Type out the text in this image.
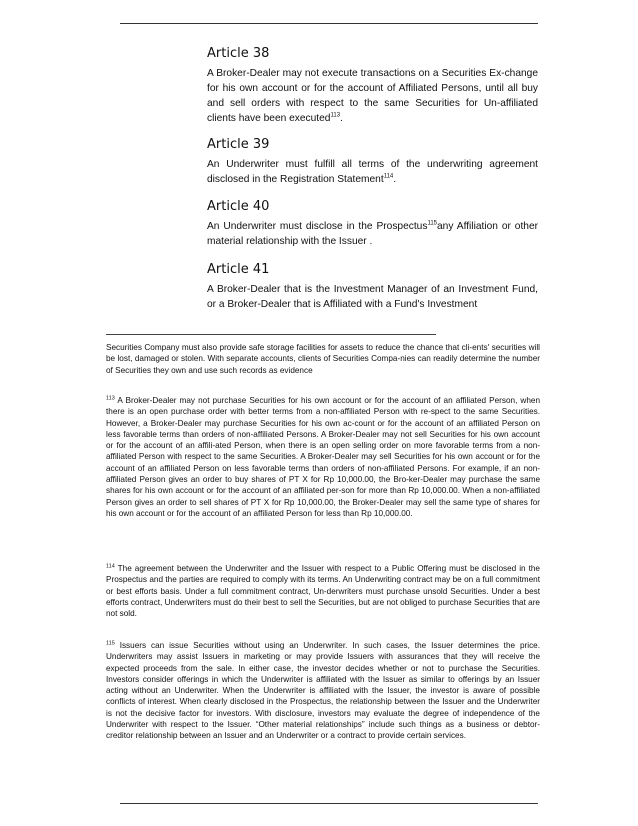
Article 38

A Broker-Dealer may not execute transactions on a Securities Ex-change for his own account or for the account of Affiliated Persons, until all buy and sell orders with respect to the same Securities for Un-affiliated clients have been executed$^{113}$.

Article 39

An Underwriter must fulfill all terms of the underwriting agreement disclosed in the Registration Statement$^{114}$.

Article 40

An Underwriter must disclose in the Prospectus$^{115}$any Affiliation or other material relationship with the Issuer .

Article 41

A Broker-Dealer that is the Investment Manager of an Investment Fund, or a Broker-Dealer that is Affiliated with a Fund's Investment

Securities Company must also provide safe storage facilities for assets to reduce the chance that cli-ents' securities will be lost, damaged or stolen. With separate accounts, clients of Securities Compa-nies can readily determine the number of Securities they own and use such records as evidence

$^{113}$ A Broker-Dealer may not purchase Securities for his own account or for the account of an affiliated Person, when there is an open purchase order with better terms from a non-affiliated Person with re-spect to the same Securities. However, a Broker-Dealer may purchase Securities for his own ac-count or for the account of an affiliated Person on less favorable terms than orders of non-affiliated Persons. A Broker-Dealer may not sell Securities for his own account or for the account of an affili-ated Person, when there is an open selling order on more favorable terms from a non-affiliated Person with respect to the same Securities. A Broker-Dealer may sell Securities for his own account or for the account of an affiliated Person on less favorable terms than orders of non-affiliated Persons. For example, if an non-affiliated Person gives an order to buy shares of PT X for Rp 10,000.00, the Bro-ker-Dealer may purchase the same shares for his own account or for the account of an affiliated per-son for more than Rp 10,000.00. When a non-affiliated Person gives an order to sell shares of PT X for Rp 10,000.00, the Broker-Dealer may sell the same type of shares for his own account or for the account of an affiliated Person for less than Rp 10,000.00.

$^{114}$ The agreement between the Underwriter and the Issuer with respect to a Public Offering must be disclosed in the Prospectus and the parties are required to comply with its terms. An Underwriting contract may be on a full commitment or best efforts basis. Under a full commitment contract, Un-derwriters must purchase unsold Securities. Under a best efforts contract, Underwriters must do their best to sell the Securities, but are not obliged to purchase Securities that are not sold.

$^{115}$ Issuers can issue Securities without using an Underwriter. In such cases, the Issuer determines the price. Underwriters may assist Issuers in marketing or may provide Issuers with assurances that they will receive the expected proceeds from the sale. In either case, the investor decides whether or not to purchase the Securities. Investors consider offerings in which the Underwriter is affiliated with the Issuer as similar to offerings by an Issuer acting without an Underwriter. When the Underwriter is affiliated with the Issuer, the investor is aware of possible conflicts of interest. When clearly disclosed in the Prospectus, the relationship between the Issuer and the Underwriter is not the decisive factor for investors. With disclosure, investors may evaluate the degree of independence of the Underwriter with respect to the Issuer. “Other material relationships” include such things as a business or debtor-creditor relationship between an Issuer and an Underwriter or a contract to provide certain services.
